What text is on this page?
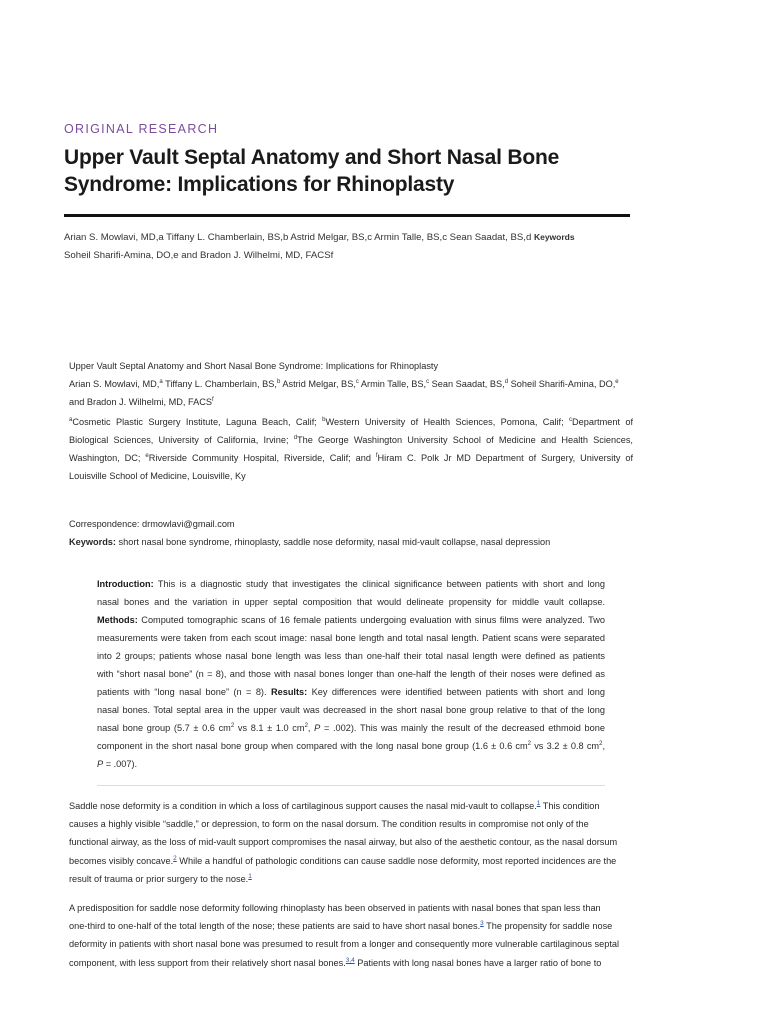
ORIGINAL RESEARCH
Upper Vault Septal Anatomy and Short Nasal Bone
Syndrome: Implications for Rhinoplasty
Arian S. Mowlavi, MD,a Tiffany L. Chamberlain, BS,b Astrid Melgar, BS,c Armin Talle, BS,c Sean Saadat, BS,d Keywords
Soheil Sharifi-Amina, DO,e and Bradon J. Wilhelmi, MD, FACSf
Upper Vault Septal Anatomy and Short Nasal Bone Syndrome: Implications for Rhinoplasty
Arian S. Mowlavi, MD,$^a$ Tiffany L. Chamberlain, BS,$^b$ Astrid Melgar, BS,$^c$ Armin Talle, BS,$^c$ Sean Saadat, BS,$^d$ Soheil Sharifi-Amina, DO,$^e$
and Bradon J. Wilhelmi, MD, FACS$^f$
$^a$Cosmetic Plastic Surgery Institute, Laguna Beach, Calif; $^b$Western University of Health Sciences, Pomona, Calif; $^c$Department of
Biological Sciences, University of California, Irvine; $^d$The George Washington University School of Medicine and Health Sciences,
Washington, DC; $^e$Riverside Community Hospital, Riverside, Calif; and $^f$Hiram C. Polk Jr MD Department of Surgery, University of
Louisville School of Medicine, Louisville, Ky
Correspondence: drmowlavi@gmail.com
Keywords: short nasal bone syndrome, rhinoplasty, saddle nose deformity, nasal mid-vault collapse, nasal depression
Introduction: This is a diagnostic study that investigates the clinical significance between patients with short and long
nasal bones and the variation in upper septal composition that would delineate propensity for middle vault collapse.
Methods: Computed tomographic scans of 16 female patients undergoing evaluation with sinus films were analyzed. Two
measurements were taken from each scout image: nasal bone length and total nasal length. Patient scans were separated
into 2 groups; patients whose nasal bone length was less than one-half their total nasal length were defined as patients
with “short nasal bone” (n = 8), and those with nasal bones longer than one-half the length of their noses were defined as
patients with “long nasal bone” (n = 8). Results: Key differences were identified between patients with short and long
nasal bones. Total septal area in the upper vault was decreased in the short nasal bone group relative to that of the long
nasal bone group (5.7 ± 0.6 $cm^2$ vs 8.1 ± 1.0 $cm^2$, P = .002). This was mainly the result of the decreased ethmoid bone
component in the short nasal bone group when compared with the long nasal bone group (1.6 ± 0.6 $cm^2$ vs 3.2 ± 0.8 $cm^2$,
P = .007).
Saddle nose deformity is a condition in which a loss of cartilaginous support causes the nasal mid-vault to collapse.$^1$ This condition
causes a highly visible “saddle,” or depression, to form on the nasal dorsum. The condition results in compromise not only of the
functional airway, as the loss of mid-vault support compromises the nasal airway, but also of the aesthetic contour, as the nasal dorsum
becomes visibly concave.$^2$ While a handful of pathologic conditions can cause saddle nose deformity, most reported incidences are the
result of trauma or prior surgery to the nose.$^1$
A predisposition for saddle nose deformity following rhinoplasty has been observed in patients with nasal bones that span less than
one-third to one-half of the total length of the nose; these patients are said to have short nasal bones.$^3$ The propensity for saddle nose
deformity in patients with short nasal bone was presumed to result from a longer and consequently more vulnerable cartilaginous septal
component, with less support from their relatively short nasal bones.$^{3,4}$ Patients with long nasal bones have a larger ratio of bone to
